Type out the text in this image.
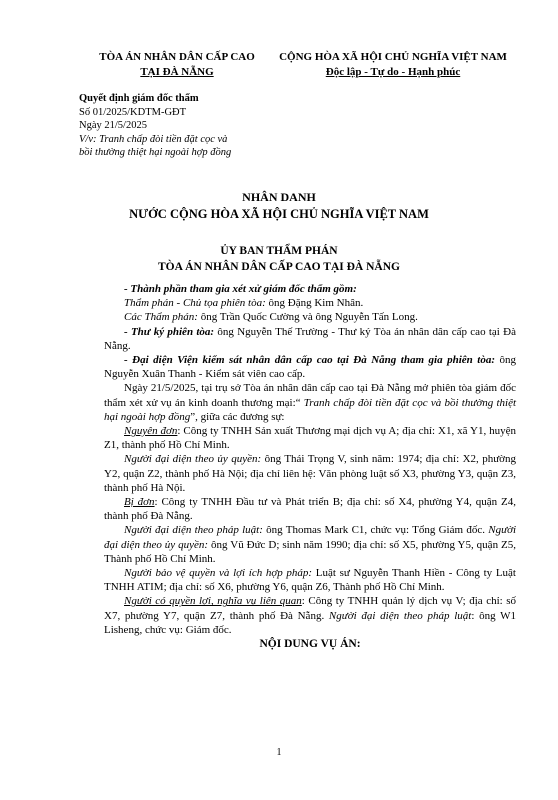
TÒA ÁN NHÂN DÂN CẤP CAO
TẠI ĐÀ NẴNG
CỘNG HÒA XÃ HỘI CHỦ NGHĨA VIỆT NAM
Độc lập - Tự do - Hạnh phúc
Quyết định giám đốc thẩm
Số 01/2025/KDTM-GĐT
Ngày 21/5/2025
V/v: Tranh chấp đòi tiền đặt cọc và
bồi thường thiệt hại ngoài hợp đồng
NHÂN DANH
NƯỚC CỘNG HÒA XÃ HỘI CHỦ NGHĨA VIỆT NAM
ỦY BAN THẨM PHÁN
TÒA ÁN NHÂN DÂN CẤP CAO TẠI ĐÀ NẴNG

- Thành phần tham gia xét xử giám đốc thẩm gồm:

Thẩm phán - Chủ tọa phiên tòa: ông Đặng Kim Nhân.

Các Thẩm phán: ông Trần Quốc Cường và ông Nguyễn Tấn Long.

- Thư ký phiên tòa: ông Nguyễn Thế Trường - Thư ký Tòa án nhân dân cấp cao tại Đà Nẵng.

- Đại diện Viện kiểm sát nhân dân cấp cao tại Đà Nẵng tham gia phiên tòa: ông Nguyễn Xuân Thanh - Kiểm sát viên cao cấp.

Ngày 21/5/2025, tại trụ sở Tòa án nhân dân cấp cao tại Đà Nẵng mở phiên tòa giám đốc thẩm xét xử vụ án kinh doanh thương mại:“ Tranh chấp đòi tiền đặt cọc và bồi thường thiệt hại ngoài hợp đồng”, giữa các đương sự:

Nguyên đơn: Công ty TNHH Sản xuất Thương mại dịch vụ A; địa chỉ: X1, xã Y1, huyện Z1, thành phố Hồ Chí Minh.

Người đại diện theo ủy quyền: ông Thái Trọng V, sinh năm: 1974; địa chỉ: X2, phường Y2, quận Z2, thành phố Hà Nội; địa chỉ liên hệ: Văn phòng luật số X3, phường Y3, quận Z3, thành phố Hà Nội.

Bị đơn: Công ty TNHH Đầu tư và Phát triển B; địa chỉ: số X4, phường Y4, quận Z4, thành phố Đà Nẵng.

Người đại diện theo pháp luật: ông Thomas Mark C1, chức vụ: Tổng Giám đốc. Người đại diện theo ủy quyền: ông Vũ Đức D; sinh năm 1990; địa chỉ: số X5, phường Y5, quận Z5, Thành phố Hồ Chí Minh.

Người bảo vệ quyền và lợi ích hợp pháp: Luật sư Nguyễn Thanh Hiền - Công ty Luật TNHH ATIM; địa chỉ: số X6, phường Y6, quận Z6, Thành phố Hồ Chí Minh.

Người có quyền lợi, nghĩa vụ liên quan: Công ty TNHH quản lý dịch vụ V; địa chỉ: số X7, phường Y7, quận Z7, thành phố Đà Nẵng. Người đại diện theo pháp luật: ông W1 Lisheng, chức vụ: Giám đốc.

NỘI DUNG VỤ ÁN:

1
